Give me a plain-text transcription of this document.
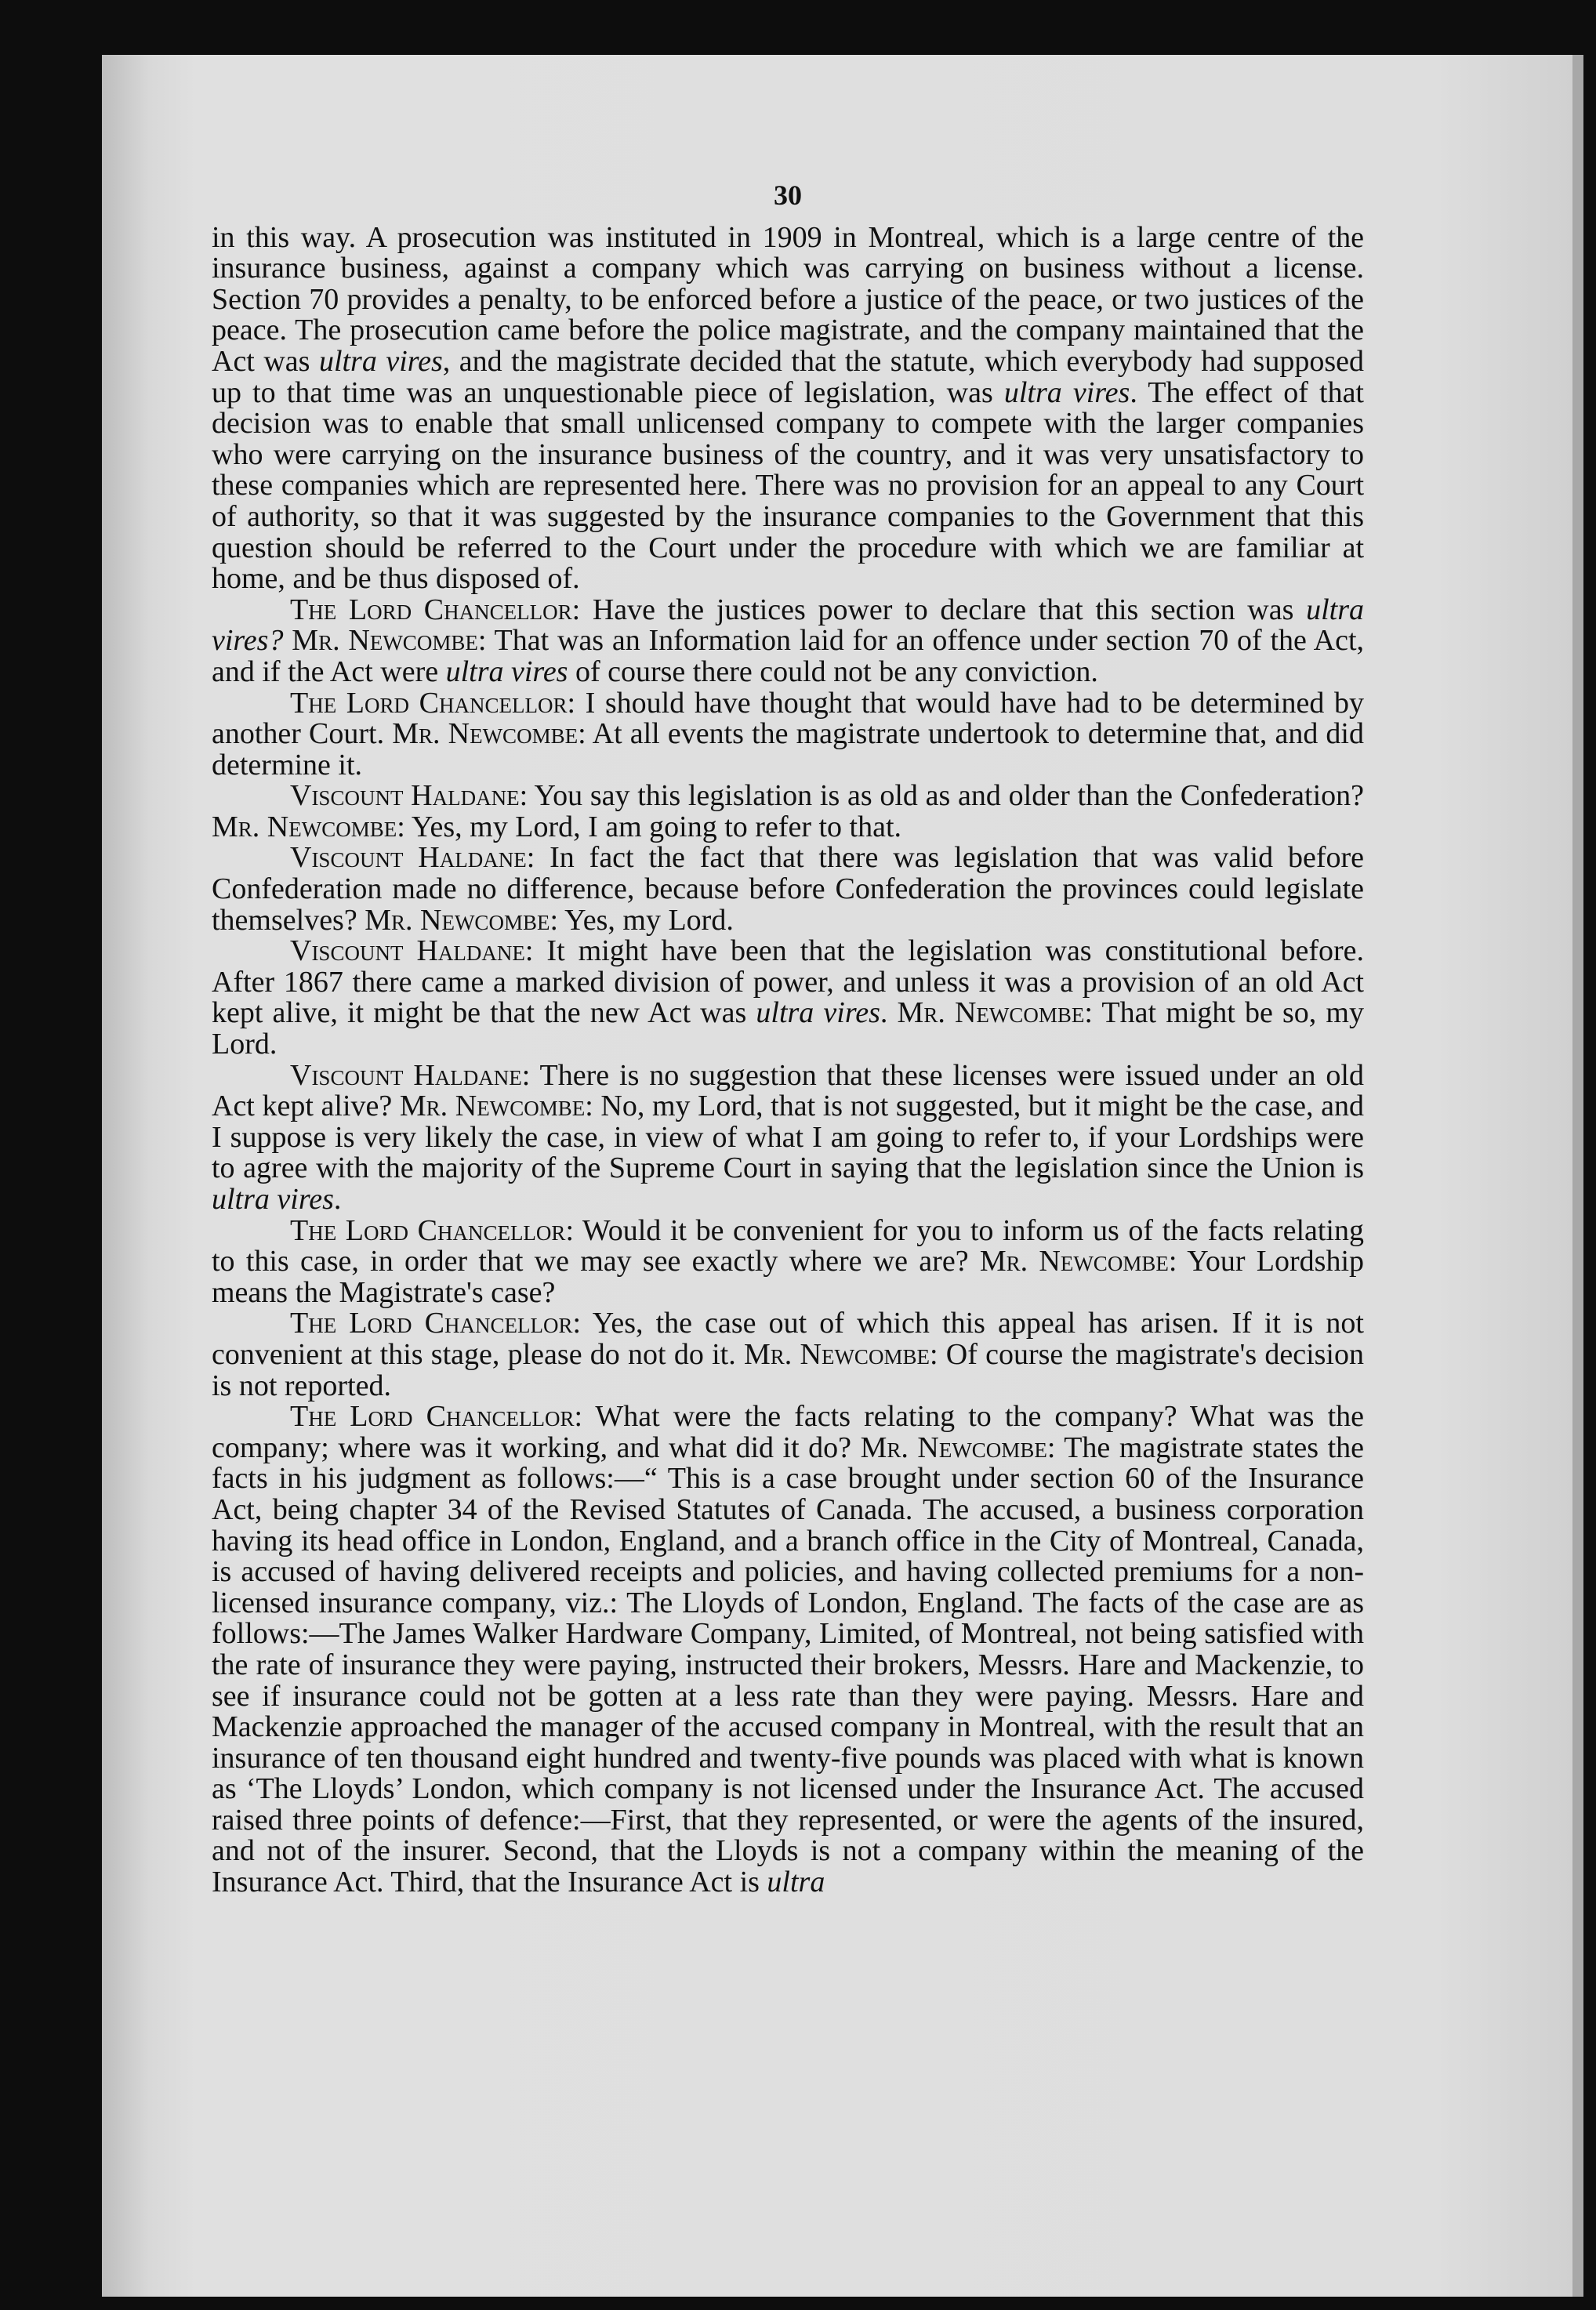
30

in this way. A prosecution was instituted in 1909 in Montreal, which is a large centre of the insurance business, against a company which was carrying on business without a license. Section 70 provides a penalty, to be enforced before a justice of the peace, or two justices of the peace. The prosecution came before the police magistrate, and the company maintained that the Act was ultra vires, and the magistrate decided that the statute, which everybody had supposed up to that time was an unquestionable piece of legislation, was ultra vires. The effect of that decision was to enable that small unlicensed company to compete with the larger companies who were carrying on the insurance business of the country, and it was very unsatisfactory to these companies which are represented here. There was no provision for an appeal to any Court of authority, so that it was suggested by the insurance companies to the Government that this question should be referred to the Court under the procedure with which we are familiar at home, and be thus disposed of.

The Lord Chancellor: Have the justices power to declare that this section was ultra vires? Mr. Newcombe: That was an Information laid for an offence under section 70 of the Act, and if the Act were ultra vires of course there could not be any conviction.

The Lord Chancellor: I should have thought that would have had to be determined by another Court. Mr. Newcombe: At all events the magistrate undertook to determine that, and did determine it.

Viscount Haldane: You say this legislation is as old as and older than the Confederation? Mr. Newcombe: Yes, my Lord, I am going to refer to that.

Viscount Haldane: In fact the fact that there was legislation that was valid before Confederation made no difference, because before Confederation the provinces could legislate themselves? Mr. Newcombe: Yes, my Lord.

Viscount Haldane: It might have been that the legislation was constitutional before. After 1867 there came a marked division of power, and unless it was a provision of an old Act kept alive, it might be that the new Act was ultra vires. Mr. Newcombe: That might be so, my Lord.

Viscount Haldane: There is no suggestion that these licenses were issued under an old Act kept alive? Mr. Newcombe: No, my Lord, that is not suggested, but it might be the case, and I suppose is very likely the case, in view of what I am going to refer to, if your Lordships were to agree with the majority of the Supreme Court in saying that the legislation since the Union is ultra vires.

The Lord Chancellor: Would it be convenient for you to inform us of the facts relating to this case, in order that we may see exactly where we are? Mr. Newcombe: Your Lordship means the Magistrate's case?

The Lord Chancellor: Yes, the case out of which this appeal has arisen. If it is not convenient at this stage, please do not do it. Mr. Newcombe: Of course the magistrate's decision is not reported.

The Lord Chancellor: What were the facts relating to the company? What was the company; where was it working, and what did it do? Mr. Newcombe: The magistrate states the facts in his judgment as follows:—“ This is a case brought under section 60 of the Insurance Act, being chapter 34 of the Revised Statutes of Canada. The accused, a business corporation having its head office in London, England, and a branch office in the City of Montreal, Canada, is accused of having delivered receipts and policies, and having collected premiums for a non-licensed insurance company, viz.: The Lloyds of London, England. The facts of the case are as follows:—The James Walker Hardware Company, Limited, of Montreal, not being satisfied with the rate of insurance they were paying, instructed their brokers, Messrs. Hare and Mackenzie, to see if insurance could not be gotten at a less rate than they were paying. Messrs. Hare and Mackenzie approached the manager of the accused company in Montreal, with the result that an insurance of ten thousand eight hundred and twenty-five pounds was placed with what is known as ‘The Lloyds’ London, which company is not licensed under the Insurance Act. The accused raised three points of defence:—First, that they represented, or were the agents of the insured, and not of the insurer. Second, that the Lloyds is not a company within the meaning of the Insurance Act. Third, that the Insurance Act is ultra
